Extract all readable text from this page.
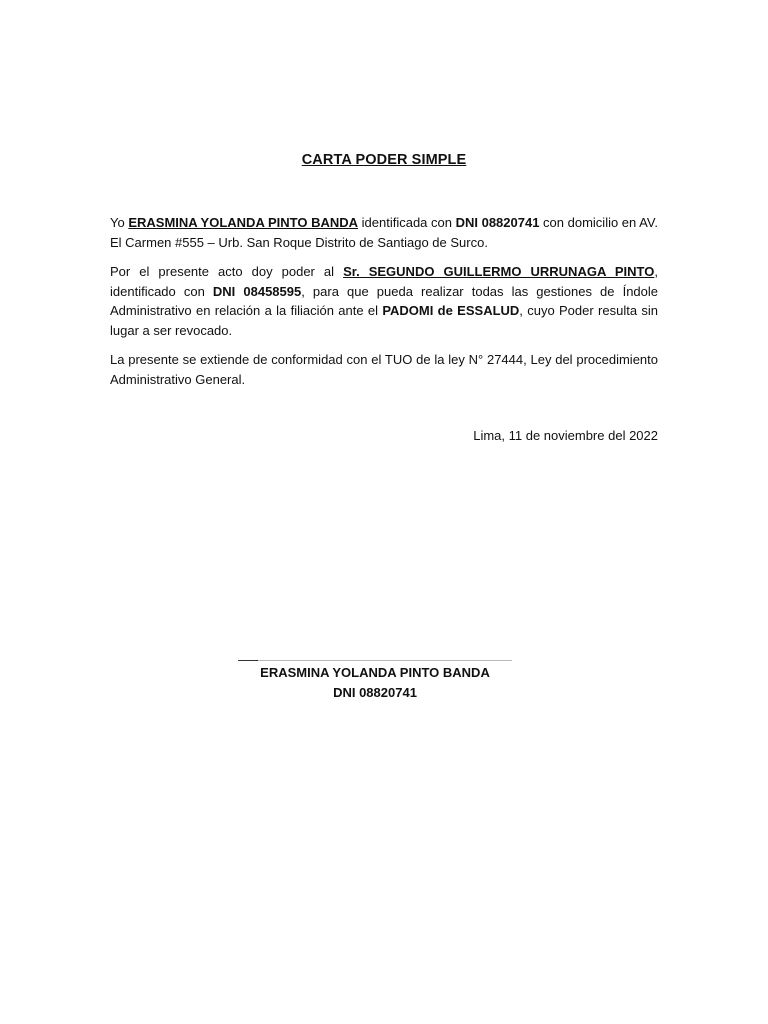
CARTA PODER SIMPLE

Yo ERASMINA YOLANDA PINTO BANDA identificada con DNI 08820741 con domicilio en AV. El Carmen #555 – Urb. San Roque Distrito de Santiago de Surco.

Por el presente acto doy poder al Sr. SEGUNDO GUILLERMO URRUNAGA PINTO, identificado con DNI 08458595, para que pueda realizar todas las gestiones de Índole Administrativo en relación a la filiación ante el PADOMI de ESSALUD, cuyo Poder resulta sin lugar a ser revocado.

La presente se extiende de conformidad con el TUO de la ley N° 27444, Ley del procedimiento Administrativo General.

Lima, 11 de noviembre del 2022
ERASMINA YOLANDA PINTO BANDA
DNI 08820741
